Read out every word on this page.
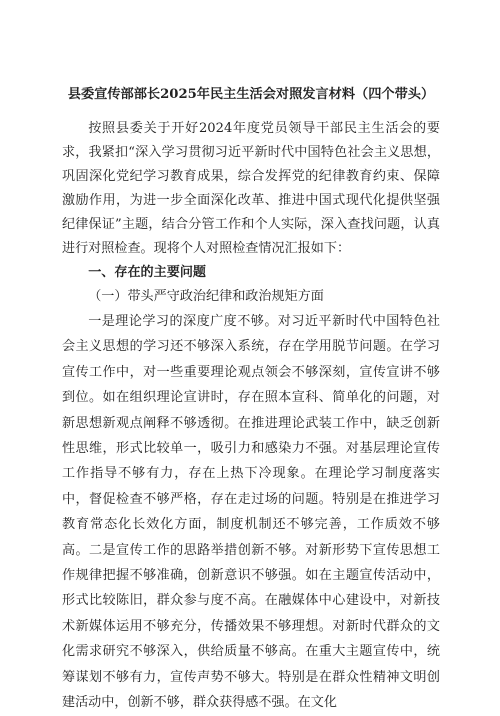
县委宣传部部长2025年民主生活会对照发言材料（四个带头）

按照县委关于开好2024年度党员领导干部民主生活会的要求，我紧扣“深入学习贯彻习近平新时代中国特色社会主义思想，巩固深化党纪学习教育成果，综合发挥党的纪律教育约束、保障激励作用，为进一步全面深化改革、推进中国式现代化提供坚强纪律保证”主题，结合分管工作和个人实际，深入查找问题，认真进行对照检查。现将个人对照检查情况汇报如下：

一、存在的主要问题

（一）带头严守政治纪律和政治规矩方面

一是理论学习的深度广度不够。对习近平新时代中国特色社会主义思想的学习还不够深入系统，存在学用脱节问题。在学习宣传工作中，对一些重要理论观点领会不够深刻，宣传宣讲不够到位。如在组织理论宣讲时，存在照本宣科、简单化的问题，对新思想新观点阐释不够透彻。在推进理论武装工作中，缺乏创新性思维，形式比较单一，吸引力和感染力不强。对基层理论宣传工作指导不够有力，存在上热下冷现象。在理论学习制度落实中，督促检查不够严格，存在走过场的问题。特别是在推进学习教育常态化长效化方面，制度机制还不够完善，工作质效不够高。二是宣传工作的思路举措创新不够。对新形势下宣传思想工作规律把握不够准确，创新意识不够强。如在主题宣传活动中，形式比较陈旧，群众参与度不高。在融媒体中心建设中，对新技术新媒体运用不够充分，传播效果不够理想。对新时代群众的文化需求研究不够深入，供给质量不够高。在重大主题宣传中，统筹谋划不够有力，宣传声势不够大。特别是在群众性精神文明创建活动中，创新不够，群众获得感不强。在文化
